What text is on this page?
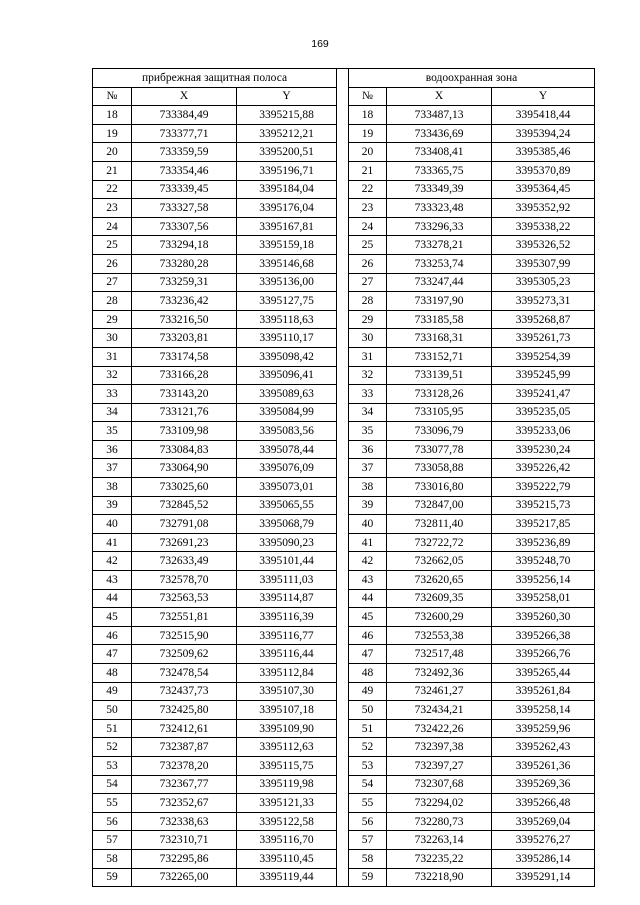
169
прибрежная защитная полоса				водоохранная зона		
№	X	Y		№	X	Y
18	733384,49	3395215,88		18	733487,13	3395418,44
19	733377,71	3395212,21		19	733436,69	3395394,24
20	733359,59	3395200,51		20	733408,41	3395385,46
21	733354,46	3395196,71		21	733365,75	3395370,89
22	733339,45	3395184,04		22	733349,39	3395364,45
23	733327,58	3395176,04		23	733323,48	3395352,92
24	733307,56	3395167,81		24	733296,33	3395338,22
25	733294,18	3395159,18		25	733278,21	3395326,52
26	733280,28	3395146,68		26	733253,74	3395307,99
27	733259,31	3395136,00		27	733247,44	3395305,23
28	733236,42	3395127,75		28	733197,90	3395273,31
29	733216,50	3395118,63		29	733185,58	3395268,87
30	733203,81	3395110,17		30	733168,31	3395261,73
31	733174,58	3395098,42		31	733152,71	3395254,39
32	733166,28	3395096,41		32	733139,51	3395245,99
33	733143,20	3395089,63		33	733128,26	3395241,47
34	733121,76	3395084,99		34	733105,95	3395235,05
35	733109,98	3395083,56		35	733096,79	3395233,06
36	733084,83	3395078,44		36	733077,78	3395230,24
37	733064,90	3395076,09		37	733058,88	3395226,42
38	733025,60	3395073,01		38	733016,80	3395222,79
39	732845,52	3395065,55		39	732847,00	3395215,73
40	732791,08	3395068,79		40	732811,40	3395217,85
41	732691,23	3395090,23		41	732722,72	3395236,89
42	732633,49	3395101,44		42	732662,05	3395248,70
43	732578,70	3395111,03		43	732620,65	3395256,14
44	732563,53	3395114,87		44	732609,35	3395258,01
45	732551,81	3395116,39		45	732600,29	3395260,30
46	732515,90	3395116,77		46	732553,38	3395266,38
47	732509,62	3395116,44		47	732517,48	3395266,76
48	732478,54	3395112,84		48	732492,36	3395265,44
49	732437,73	3395107,30		49	732461,27	3395261,84
50	732425,80	3395107,18		50	732434,21	3395258,14
51	732412,61	3395109,90		51	732422,26	3395259,96
52	732387,87	3395112,63		52	732397,38	3395262,43
53	732378,20	3395115,75		53	732397,27	3395261,36
54	732367,77	3395119,98		54	732307,68	3395269,36
55	732352,67	3395121,33		55	732294,02	3395266,48
56	732338,63	3395122,58		56	732280,73	3395269,04
57	732310,71	3395116,70		57	732263,14	3395276,27
58	732295,86	3395110,45		58	732235,22	3395286,14
59	732265,00	3395119,44		59	732218,90	3395291,14
